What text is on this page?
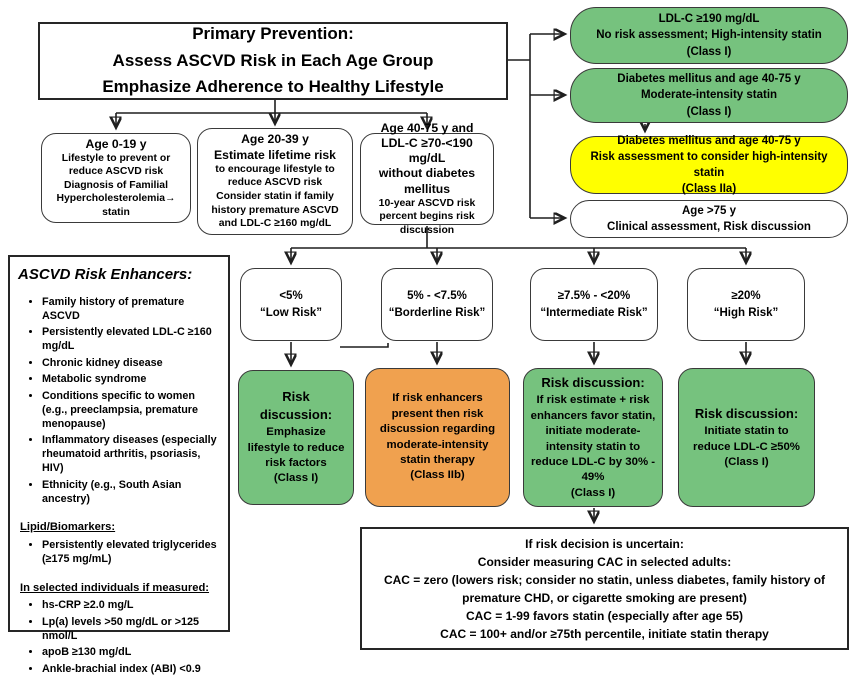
Primary Prevention:
Assess ASCVD Risk in Each Age Group
Emphasize Adherence to Healthy Lifestyle
LDL-C ≥190 mg/dL
No risk assessment; High-intensity statin
(Class I)
Diabetes mellitus and age 40-75 y
Moderate-intensity statin
(Class I)
Diabetes mellitus and age 40-75 y
Risk assessment to consider high-intensity statin
(Class IIa)
Age >75 y
Clinical assessment, Risk discussion
Age 0-19 y
Lifestyle to prevent or reduce ASCVD risk
Diagnosis of Familial Hypercholesterolemia→ statin
Age 20-39 y
Estimate lifetime risk
to encourage lifestyle to reduce ASCVD risk
Consider statin if family history premature ASCVD and LDL-C ≥160 mg/dL
Age 40-75 y and
LDL-C ≥70-<190 mg/dL
without diabetes mellitus
10-year ASCVD risk percent begins risk discussion
ASCVD Risk Enhancers:
• Family history of premature ASCVD
• Persistently elevated LDL-C ≥160 mg/dL
• Chronic kidney disease
• Metabolic syndrome
• Conditions specific to women (e.g., preeclampsia, premature menopause)
• Inflammatory diseases (especially rheumatoid arthritis, psoriasis, HIV)
• Ethnicity (e.g., South Asian ancestry)
Lipid/Biomarkers:
• Persistently elevated triglycerides (≥175 mg/mL)
In selected individuals if measured:
• hs-CRP ≥2.0 mg/L
• Lp(a) levels >50 mg/dL or >125 nmol/L
• apoB ≥130 mg/dL
• Ankle-brachial index (ABI) <0.9
<5%
“Low Risk”
5% - <7.5%
“Borderline Risk”
≥7.5% - <20%
“Intermediate Risk”
≥20%
“High Risk”
Risk discussion:
Emphasize lifestyle to reduce risk factors
(Class I)
If risk enhancers present then risk discussion regarding moderate-intensity statin therapy
(Class IIb)
Risk discussion:
If risk estimate + risk enhancers favor statin, initiate moderate-intensity statin to reduce LDL-C by 30% - 49%
(Class I)
Risk discussion:
Initiate statin to reduce LDL-C ≥50%
(Class I)
If risk decision is uncertain:
Consider measuring CAC in selected adults:
CAC = zero (lowers risk; consider no statin, unless diabetes, family history of premature CHD, or cigarette smoking are present)
CAC = 1-99 favors statin (especially after age 55)
CAC = 100+ and/or ≥75th percentile, initiate statin therapy
